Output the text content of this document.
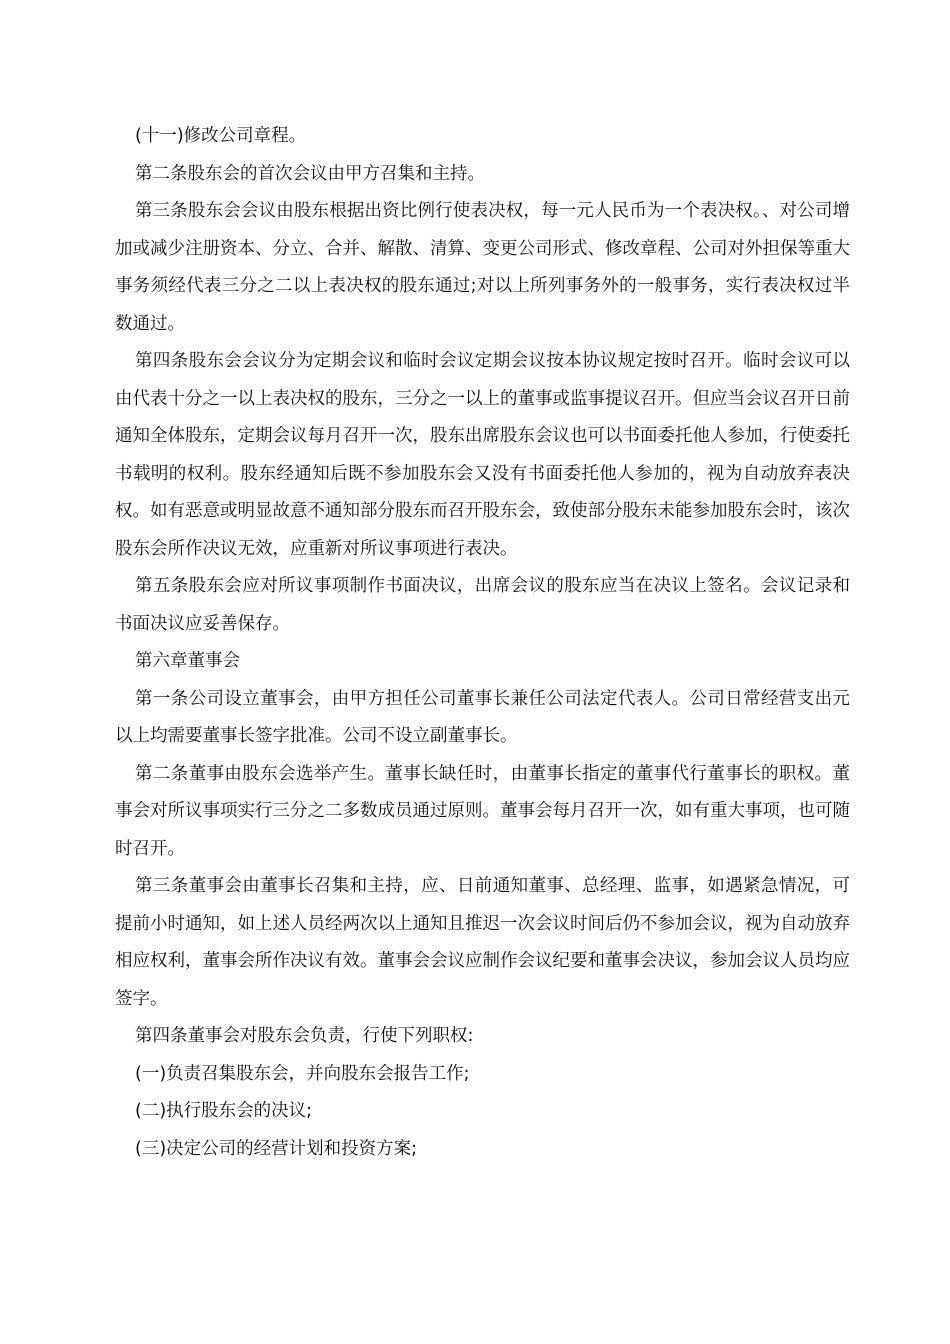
(十一)修改公司章程。

第二条股东会的首次会议由甲方召集和主持。

第三条股东会会议由股东根据出资比例行使表决权，每一元人民币为一个表决权。、对公司增加或减少注册资本、分立、合并、解散、清算、变更公司形式、修改章程、公司对外担保等重大事务须经代表三分之二以上表决权的股东通过;对以上所列事务外的一般事务，实行表决权过半数通过。

第四条股东会会议分为定期会议和临时会议定期会议按本协议规定按时召开。临时会议可以由代表十分之一以上表决权的股东，三分之一以上的董事或监事提议召开。但应当会议召开日前通知全体股东，定期会议每月召开一次，股东出席股东会议也可以书面委托他人参加，行使委托书载明的权利。股东经通知后既不参加股东会又没有书面委托他人参加的，视为自动放弃表决权。如有恶意或明显故意不通知部分股东而召开股东会，致使部分股东未能参加股东会时，该次股东会所作决议无效，应重新对所议事项进行表决。

第五条股东会应对所议事项制作书面决议，出席会议的股东应当在决议上签名。会议记录和书面决议应妥善保存。

第六章董事会

第一条公司设立董事会，由甲方担任公司董事长兼任公司法定代表人。公司日常经营支出元以上均需要董事长签字批准。公司不设立副董事长。

第二条董事由股东会选举产生。董事长缺任时，由董事长指定的董事代行董事长的职权。董事会对所议事项实行三分之二多数成员通过原则。董事会每月召开一次，如有重大事项，也可随时召开。

第三条董事会由董事长召集和主持，应、日前通知董事、总经理、监事，如遇紧急情况，可提前小时通知，如上述人员经两次以上通知且推迟一次会议时间后仍不参加会议，视为自动放弃相应权利，董事会所作决议有效。董事会会议应制作会议纪要和董事会决议，参加会议人员均应签字。

第四条董事会对股东会负责，行使下列职权:

(一)负责召集股东会，并向股东会报告工作;

(二)执行股东会的决议;

(三)决定公司的经营计划和投资方案;
